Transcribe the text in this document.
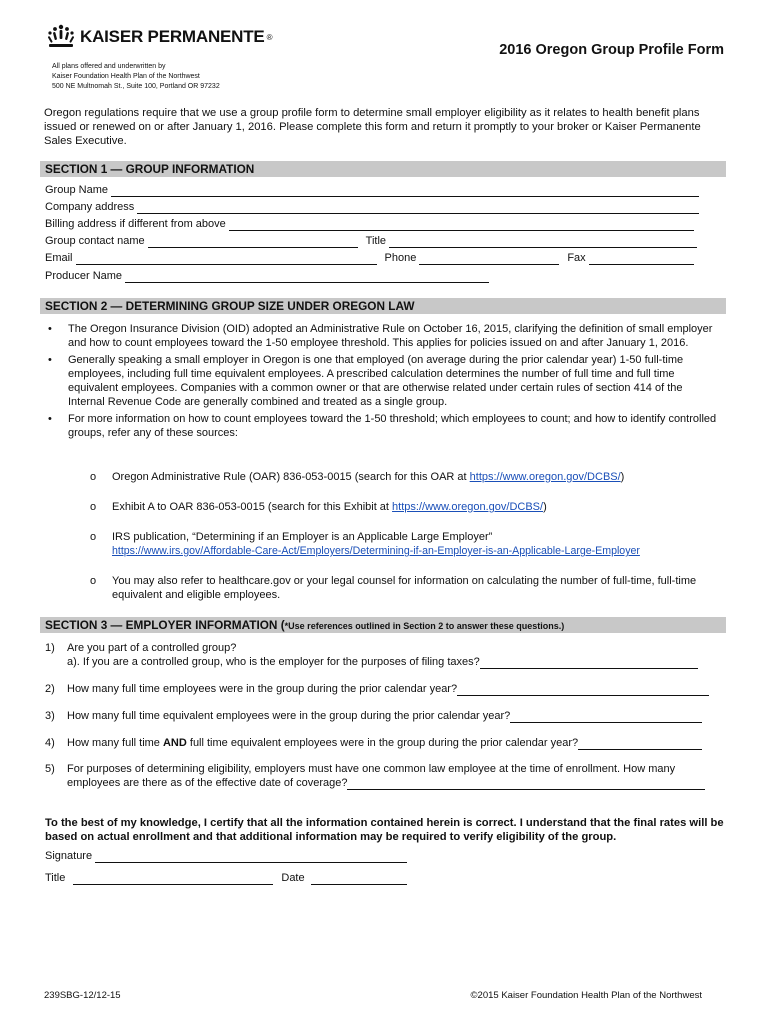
KAISER PERMANENTE ®
All plans offered and underwritten by
Kaiser Foundation Health Plan of the Northwest
500 NE Multnomah St., Suite 100, Portland OR 97232
2016 Oregon Group Profile Form
Oregon regulations require that we use a group profile form to determine small employer eligibility as it relates to health benefit plans issued or renewed on or after January 1, 2016. Please complete this form and return it promptly to your broker or Kaiser Permanente Sales Executive.
SECTION 1 — GROUP INFORMATION
Group Name
Company address
Billing address if different from above
Group contact name	Title
Email	Phone	Fax
Producer Name
SECTION 2 — DETERMINING GROUP SIZE UNDER OREGON LAW
•	The Oregon Insurance Division (OID) adopted an Administrative Rule on October 16, 2015, clarifying the definition of small employer and how to count employees toward the 1-50 employee threshold. This applies for policies issued on and after January 1, 2016.
•	Generally speaking a small employer in Oregon is one that employed (on average during the prior calendar year) 1-50 full-time employees, including full time equivalent employees. A prescribed calculation determines the number of full time and full time equivalent employees. Companies with a common owner or that are otherwise related under certain rules of section 414 of the Internal Revenue Code are generally combined and treated as a single group.
•	For more information on how to count employees toward the 1-50 threshold; which employees to count; and how to identify controlled groups, refer any of these sources:
o	Oregon Administrative Rule (OAR) 836-053-0015 (search for this OAR at https://www.oregon.gov/DCBS/)
o	Exhibit A to OAR 836-053-0015 (search for this Exhibit at https://www.oregon.gov/DCBS/)
o	IRS publication, “Determining if an Employer is an Applicable Large Employer”
https://www.irs.gov/Affordable-Care-Act/Employers/Determining-if-an-Employer-is-an-Applicable-Large-Employer
o	You may also refer to healthcare.gov or your legal counsel for information on calculating the number of full-time, full-time equivalent and eligible employees.
SECTION 3 — EMPLOYER INFORMATION (*Use references outlined in Section 2 to answer these questions.)
1)	Are you part of a controlled group?
a). If you are a controlled group, who is the employer for the purposes of filing taxes?
2)	How many full time employees were in the group during the prior calendar year?
3)	How many full time equivalent employees were in the group during the prior calendar year?
4)	How many full time AND full time equivalent employees were in the group during the prior calendar year?
5)	For purposes of determining eligibility, employers must have one common law employee at the time of enrollment. How many employees are there as of the effective date of coverage?
To the best of my knowledge, I certify that all the information contained herein is correct. I understand that the final rates will be based on actual enrollment and that additional information may be required to verify eligibility of the group.
Signature
Title	Date
239SBG-12/12-15	©2015 Kaiser Foundation Health Plan of the Northwest
